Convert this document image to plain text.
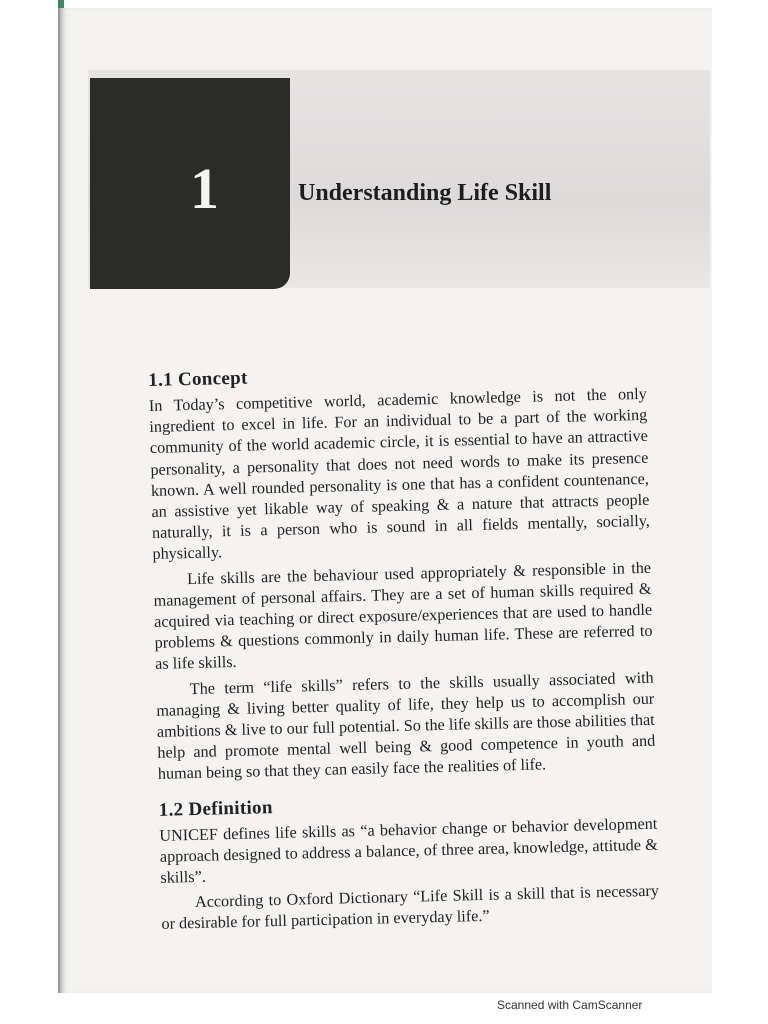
1	Understanding Life Skill
1.1 Concept

In Today’s competitive world, academic knowledge is not the only ingredient to excel in life. For an individual to be a part of the working community of the world academic circle, it is essential to have an attractive personality, a personality that does not need words to make its presence known. A well rounded personality is one that has a confident countenance, an assistive yet likable way of speaking & a nature that attracts people naturally, it is a person who is sound in all fields mentally, socially, physically.

Life skills are the behaviour used appropriately & responsible in the management of personal affairs. They are a set of human skills required & acquired via teaching or direct exposure/experiences that are used to handle problems & questions commonly in daily human life. These are referred to as life skills.

The term “life skills” refers to the skills usually associated with managing & living better quality of life, they help us to accomplish our ambitions & live to our full potential. So the life skills are those abilities that help and promote mental well being & good competence in youth and human being so that they can easily face the realities of life.

1.2 Definition

UNICEF defines life skills as “a behavior change or behavior development approach designed to address a balance, of three area, knowledge, attitude & skills”.

According to Oxford Dictionary “Life Skill is a skill that is necessary or desirable for full participation in everyday life.”

Scanned with CamScanner
